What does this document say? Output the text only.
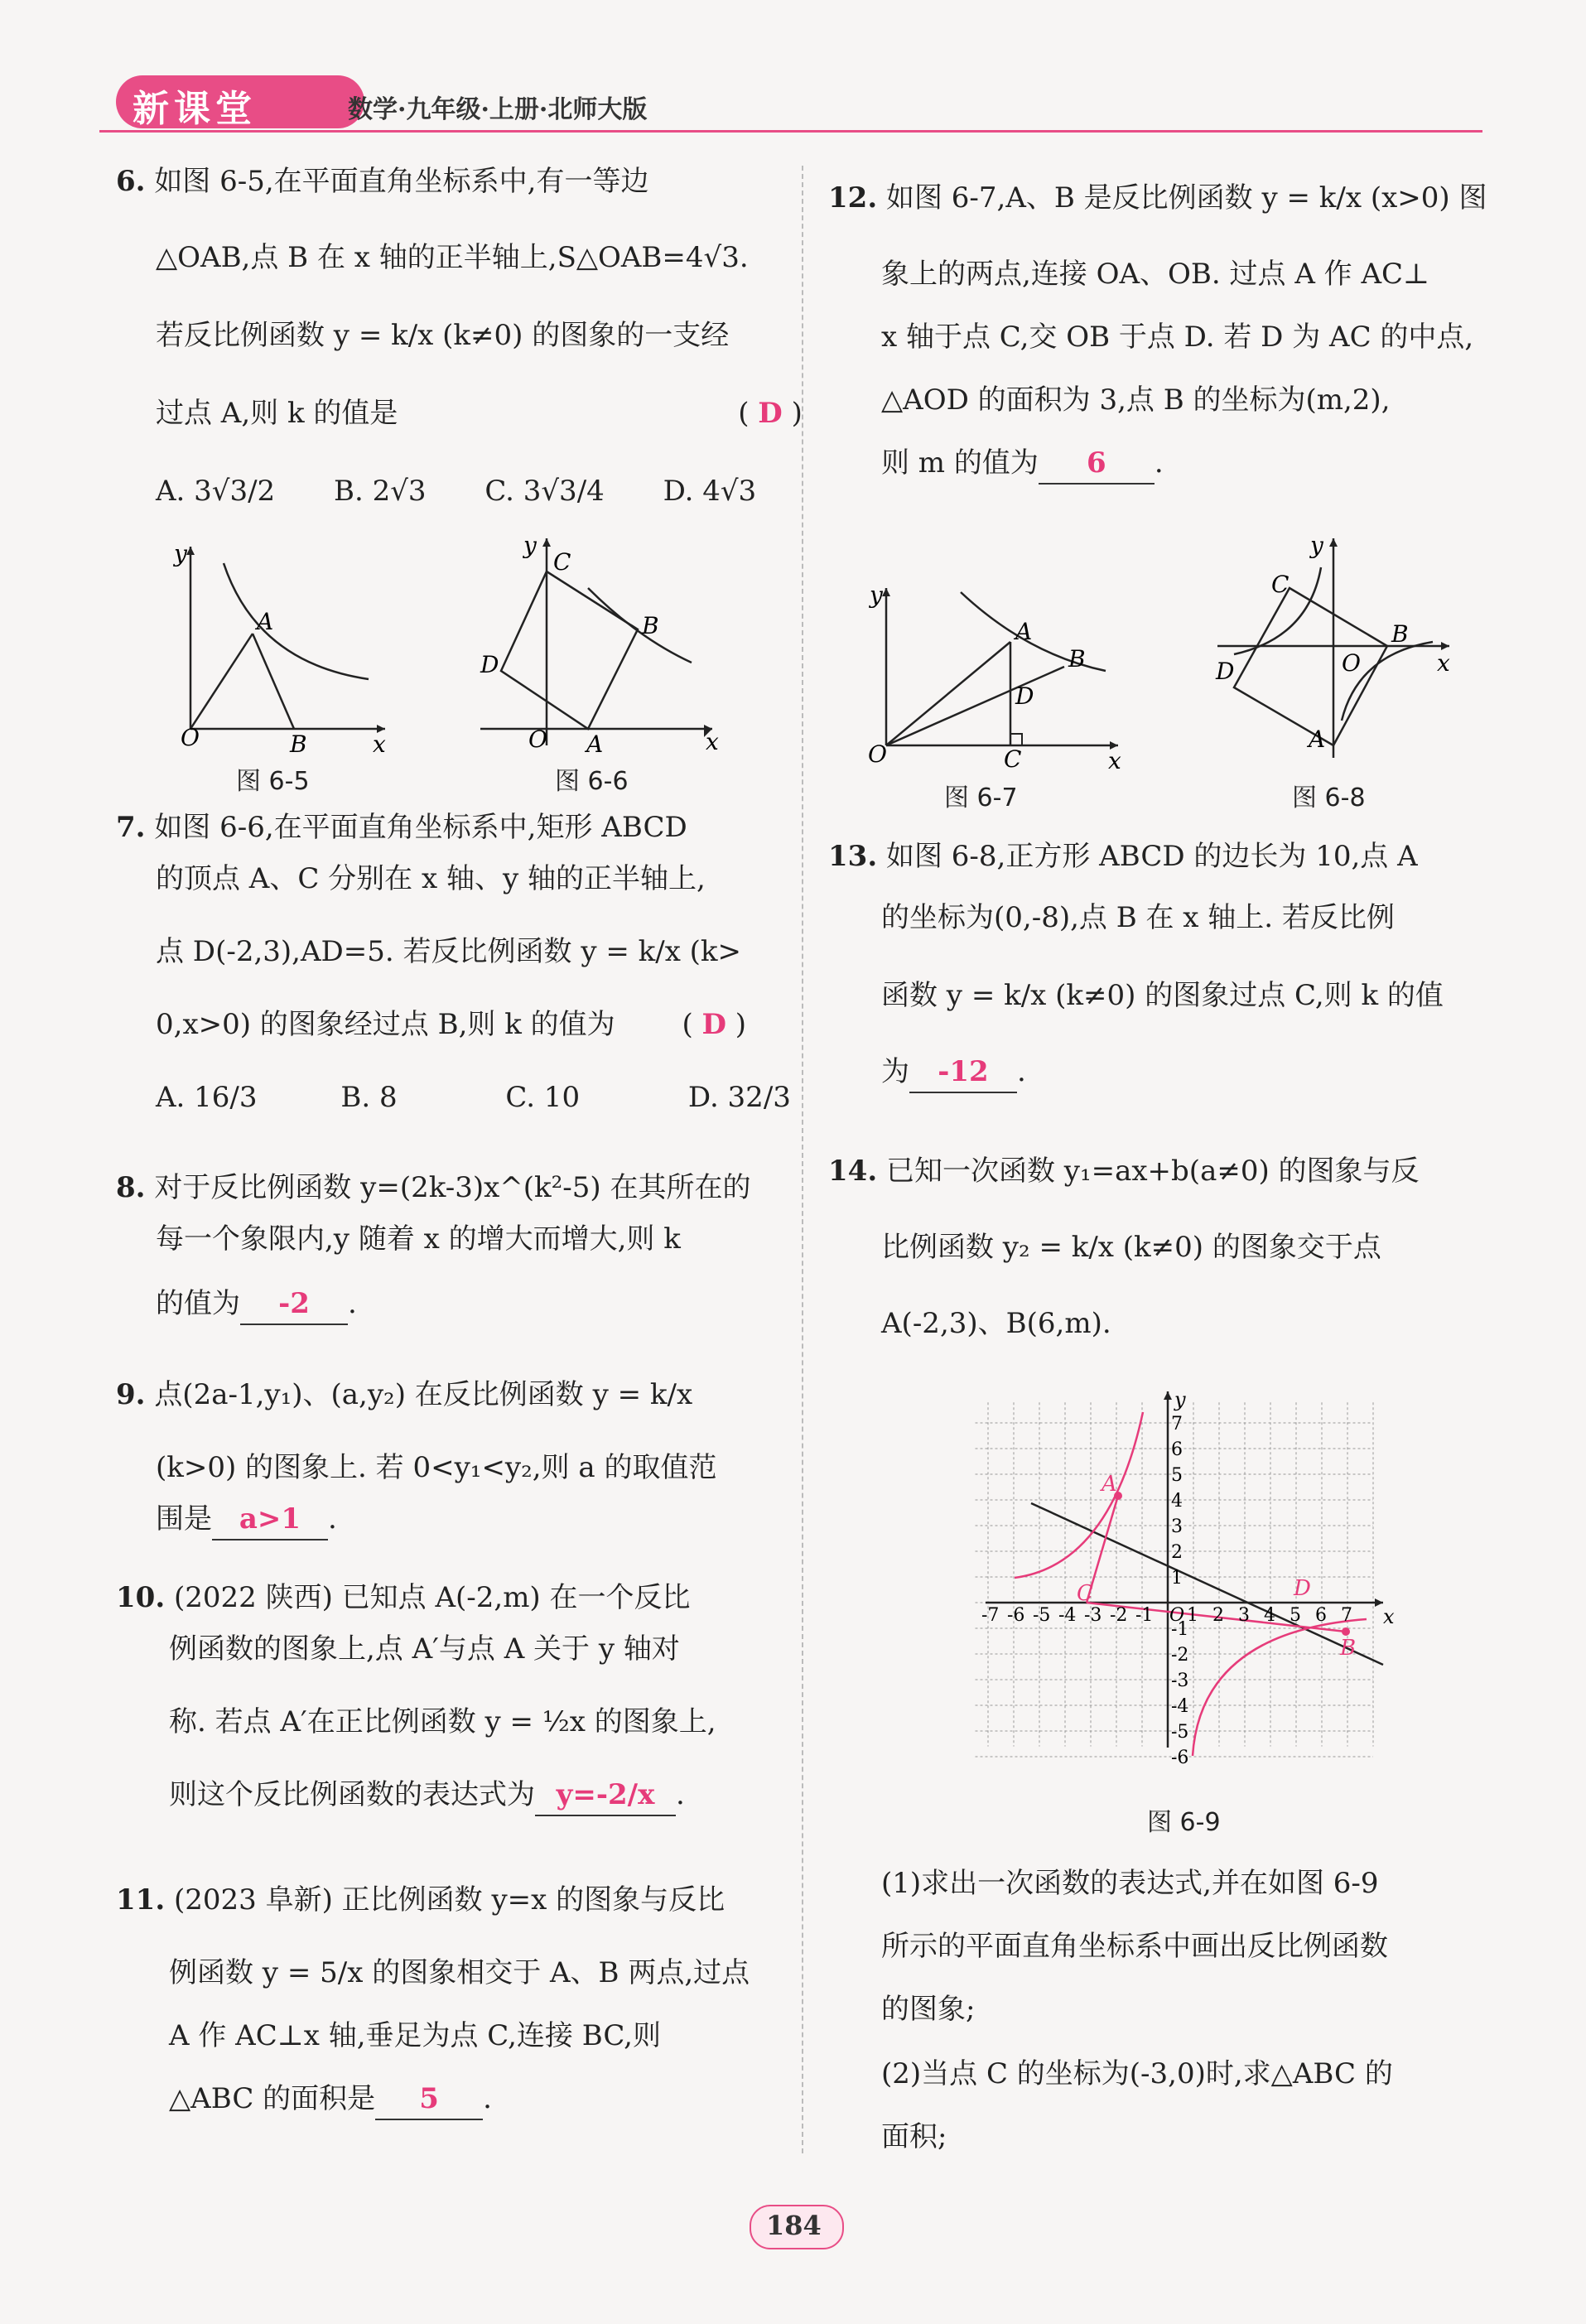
新课堂	数学·九年级·上册·北师大版
6. 如图 6-5,在平面直角坐标系中,有一等边
△OAB,点 B 在 x 轴的正半轴上,S△OAB=4√3.
若反比例函数 y = k/x (k≠0) 的图象的一支经
过点 A,则 k 的值是	( D )
A. 3√3/2 B. 2√3 C. 3√3/4 D. 4√3
O	B
A
x
y
图 6-5
O A
B
C
D
x
y
图 6-6
7. 如图 6-6,在平面直角坐标系中,矩形 ABCD
的顶点 A、C 分别在 x 轴、y 轴的正半轴上,
点 D(-2,3),AD=5. 若反比例函数 y = k/x (k>
0,x>0) 的图象经过点 B,则 k 的值为 ( D )
A. 16/3	B. 8	C. 10	D. 32/3
8. 对于反比例函数 y=(2k-3)x^(k²-5) 在其所在的
每一个象限内,y 随着 x 的增大而增大,则 k
的值为 -2 .
9. 点(2a-1,y₁)、(a,y₂) 在反比例函数 y = k/x
(k>0) 的图象上. 若 0<y₁<y₂,则 a 的取值范
围是 a>1 .
10. (2022 陕西) 已知点 A(-2,m) 在一个反比
例函数的图象上,点 A′与点 A 关于 y 轴对
称. 若点 A′在正比例函数 y = ½x 的图象上,
则这个反比例函数的表达式为 y=-2/x .
11. (2023 阜新) 正比例函数 y=x 的图象与反比
例函数 y = 5/x 的图象相交于 A、B 两点,过点
A 作 AC⊥x 轴,垂足为点 C,连接 BC,则
△ABC 的面积是 5 .
12. 如图 6-7,A、B 是反比例函数 y = k/x (x>0) 图
象上的两点,连接 OA、OB. 过点 A 作 AC⊥
x 轴于点 C,交 OB 于点 D. 若 D 为 AC 的中点,
△AOD 的面积为 3,点 B 的坐标为(m,2),
则 m 的值为 6 .
O
A
B
D
C	x
y
图 6-7
O
B
C
D
A
x
y
图 6-8
13. 如图 6-8,正方形 ABCD 的边长为 10,点 A
的坐标为(0,-8),点 B 在 x 轴上. 若反比例
函数 y = k/x (k≠0) 的图象过点 C,则 k 的值
为 -12 .
14. 已知一次函数 y₁=ax+b(a≠0) 的图象与反
比例函数 y₂ = k/x (k≠0) 的图象交于点
A(-2,3)、B(6,m).
A
C	D
B
y
x
-7 -6 -5 -4 -3 -2 -1 1 2 3 4 5 6 7
7
6
5
4
3
2
1
-1
-2
-3
-4
-5
-6
O
图 6-9
(1)求出一次函数的表达式,并在如图 6-9
所示的平面直角坐标系中画出反比例函数
的图象;
(2)当点 C 的坐标为(-3,0)时,求△ABC 的
面积;
184
